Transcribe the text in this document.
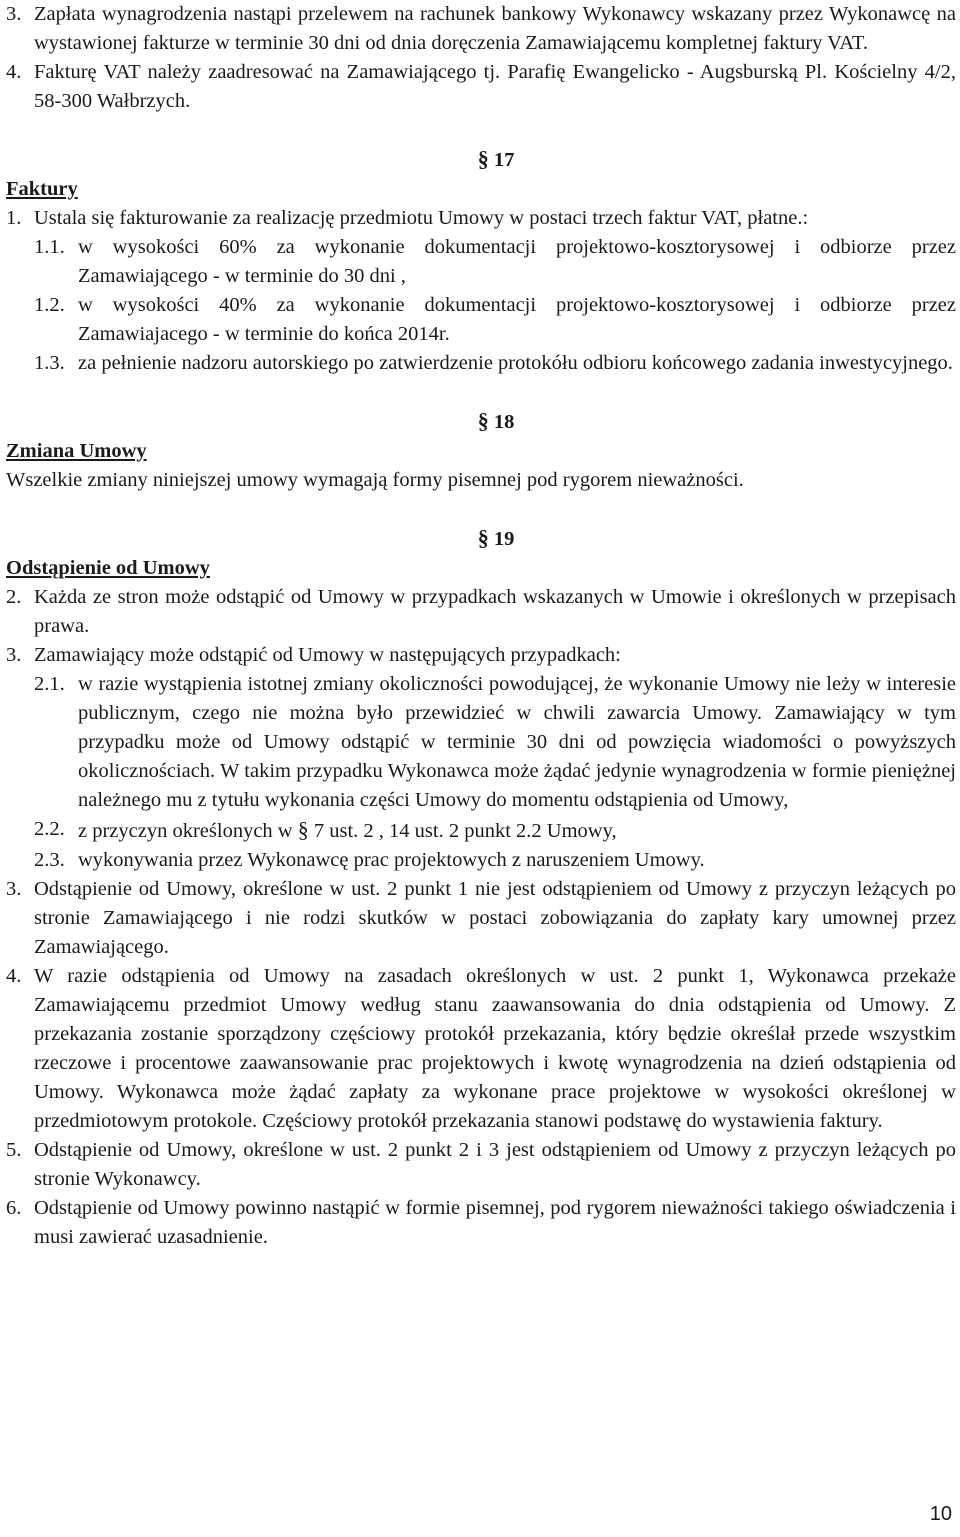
3. Zapłata wynagrodzenia nastąpi przelewem na rachunek bankowy Wykonawcy wskazany przez Wykonawcę na wystawionej fakturze w terminie 30 dni od dnia doręczenia Zamawiającemu kompletnej faktury VAT.
4. Fakturę VAT należy zaadresować na Zamawiającego tj. Parafię Ewangelicko - Augsburską Pl. Kościelny 4/2, 58-300 Wałbrzych.

§ 17

Faktury

1. Ustala się fakturowanie za realizację przedmiotu Umowy w postaci trzech faktur VAT, płatne.:
1.1. w wysokości 60% za wykonanie dokumentacji projektowo-kosztorysowej i odbiorze przez Zamawiającego - w terminie do 30 dni ,
1.2. w wysokości 40% za wykonanie dokumentacji projektowo-kosztorysowej i odbiorze przez Zamawiajacego - w terminie do końca 2014r.
1.3. za pełnienie nadzoru autorskiego po zatwierdzenie protokółu odbioru końcowego zadania inwestycyjnego.

§ 18

Zmiana Umowy

Wszelkie zmiany niniejszej umowy wymagają formy pisemnej pod rygorem nieważności.

§ 19

Odstąpienie od Umowy

2. Każda ze stron może odstąpić od Umowy w przypadkach wskazanych w Umowie i określonych w przepisach prawa.
3. Zamawiający może odstąpić od Umowy w następujących przypadkach:
2.1. w razie wystąpienia istotnej zmiany okoliczności powodującej, że wykonanie Umowy nie leży w interesie publicznym, czego nie można było przewidzieć w chwili zawarcia Umowy. Zamawiający w tym przypadku może od Umowy odstąpić w terminie 30 dni od powzięcia wiadomości o powyższych okolicznościach. W takim przypadku Wykonawca może żądać jedynie wynagrodzenia w formie pieniężnej należnego mu z tytułu wykonania części Umowy do momentu odstąpienia od Umowy,
2.2. z przyczyn określonych w § 7 ust. 2 , 14 ust. 2 punkt 2.2 Umowy,
2.3. wykonywania przez Wykonawcę prac projektowych z naruszeniem Umowy.
3. Odstąpienie od Umowy, określone w ust. 2 punkt 1 nie jest odstąpieniem od Umowy z przyczyn leżących po stronie Zamawiającego i nie rodzi skutków w postaci zobowiązania do zapłaty kary umownej przez Zamawiającego.
4. W razie odstąpienia od Umowy na zasadach określonych w ust. 2 punkt 1, Wykonawca przekaże Zamawiającemu przedmiot Umowy według stanu zaawansowania do dnia odstąpienia od Umowy. Z przekazania zostanie sporządzony częściowy protokół przekazania, który będzie określał przede wszystkim rzeczowe i procentowe zaawansowanie prac projektowych i kwotę wynagrodzenia na dzień odstąpienia od Umowy. Wykonawca może żądać zapłaty za wykonane prace projektowe w wysokości określonej w przedmiotowym protokole. Częściowy protokół przekazania stanowi podstawę do wystawienia faktury.
5. Odstąpienie od Umowy, określone w ust. 2 punkt 2 i 3 jest odstąpieniem od Umowy z przyczyn leżących po stronie Wykonawcy.
6. Odstąpienie od Umowy powinno nastąpić w formie pisemnej, pod rygorem nieważności takiego oświadczenia i musi zawierać uzasadnienie.
10
